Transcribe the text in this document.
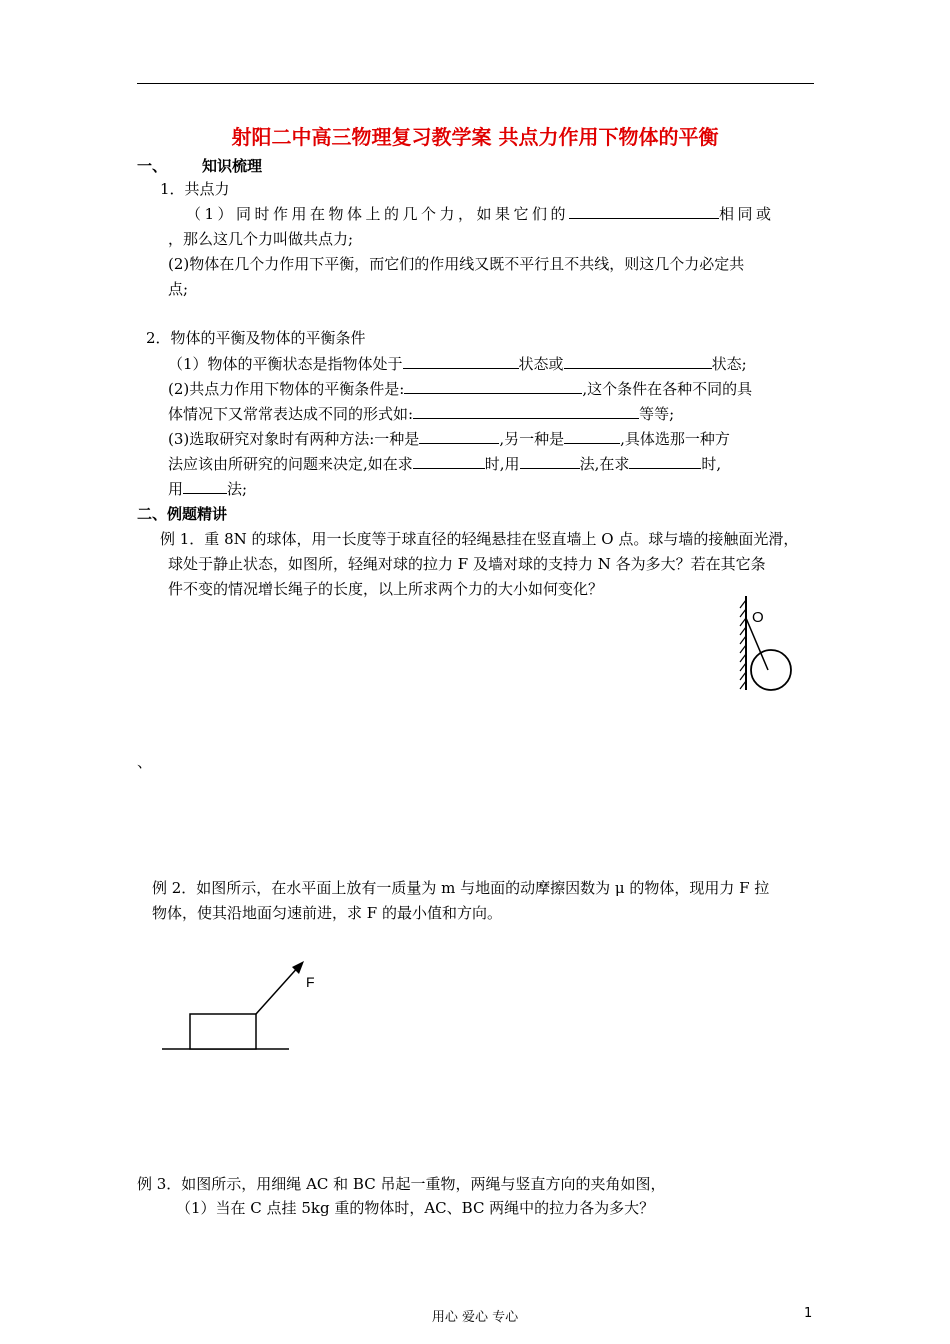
射阳二中高三物理复习教学案 共点力作用下物体的平衡
一、 知识梳理
1．共点力
（1）同时作用在物体上的几个力，如果它们的	相同或
，那么这几个力叫做共点力;
(2)物体在几个力作用下平衡，而它们的作用线又既不平行且不共线，则这几个力必定共
点;
2．物体的平衡及物体的平衡条件
（1）物体的平衡状态是指物体处于	状态或	状态;
(2)共点力作用下物体的平衡条件是:	,这个条件在各种不同的具
体情况下又常常表达成不同的形式如:	等等;
(3)选取研究对象时有两种方法:一种是	,另一种是	,具体选那一种方
法应该由所研究的问题来决定,如在求	时,用	法,在求	时,
用	法;
二、例题精讲
例 1．重 8N 的球体，用一长度等于球直径的轻绳悬挂在竖直墙上 O 点。球与墙的接触面光滑，
球处于静止状态，如图所，轻绳对球的拉力 F 及墙对球的支持力 N 各为多大？若在其它条
件不变的情况增长绳子的长度，以上所求两个力的大小如何变化？
O
、
例 2．如图所示，在水平面上放有一质量为 m 与地面的动摩擦因数为 μ 的物体，现用力 F 拉
物体，使其沿地面匀速前进，求 F 的最小值和方向。
F
例 3．如图所示，用细绳 AC 和 BC 吊起一重物，两绳与竖直方向的夹角如图，
（1）当在 C 点挂 5kg 重的物体时，AC、BC 两绳中的拉力各为多大？
用心 爱心 专心	1
